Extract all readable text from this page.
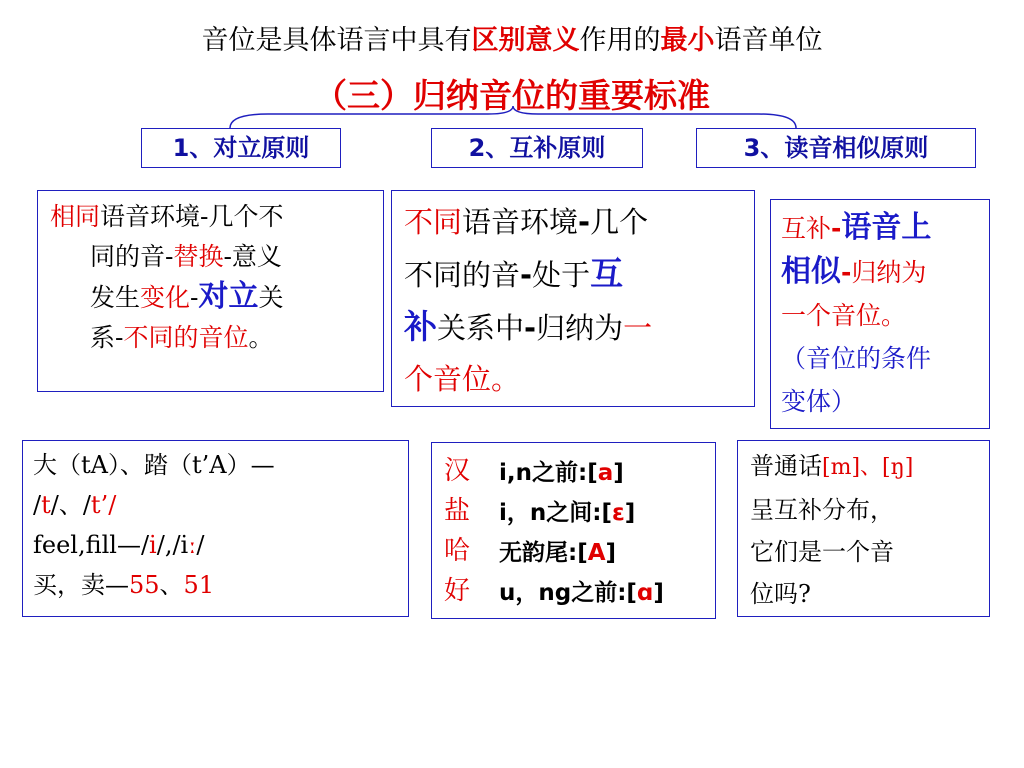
音位是具体语言中具有区别意义作用的最小语音单位
（三）归纳音位的重要标准
1、对立原则	2、互补原则	3、读音相似原则
相同语音环境-几个不
同的音-替换-意义
发生变化-对立关
系-不同的音位。
不同语音环境-几个
不同的音-处于互
补关系中-归纳为一
个音位。
互补-语音上
相似-归纳为
一个音位。
（音位的条件
变体）
大（tA）、踏（t’A）—
/t/、/t’/
feel,fill—/i/,/iː/
买，卖—55、51
汉
盐
哈
好
i,n之前:[a]
i，n之间:[ε]
无韵尾:[A]
u，ng之前:[ɑ]
普通话[m]、[ŋ]
呈互补分布，
它们是一个音
位吗?
